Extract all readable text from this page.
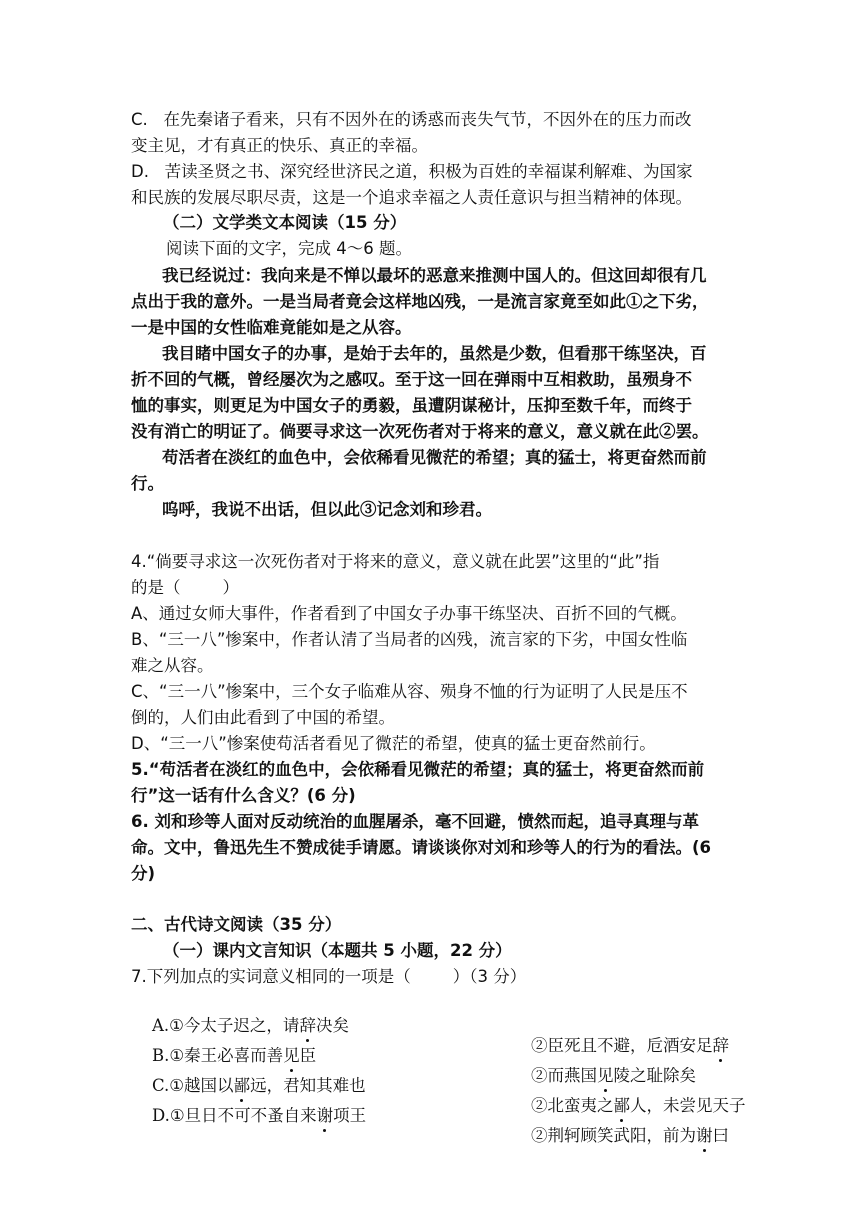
C.   在先秦诸子看来，只有不因外在的诱惑而丧失气节，不因外在的压力而改
变主见，才有真正的快乐、真正的幸福。
D.   苦读圣贤之书、深究经世济民之道，积极为百姓的幸福谋利解难、为国家
和民族的发展尽职尽责，这是一个追求幸福之人责任意识与担当精神的体现。
（二）文学类文本阅读（15 分）
阅读下面的文字，完成 4～6 题。
我已经说过：我向来是不惮以最坏的恶意来推测中国人的。但这回却很有几
点出于我的意外。一是当局者竟会这样地凶残，一是流言家竟至如此①之下劣，
一是中国的女性临难竟能如是之从容。
我目睹中国女子的办事，是始于去年的，虽然是少数，但看那干练坚决，百
折不回的气概，曾经屡次为之感叹。至于这一回在弹雨中互相救助，虽殒身不
恤的事实，则更足为中国女子的勇毅，虽遭阴谋秘计，压抑至数千年，而终于
没有消亡的明证了。倘要寻求这一次死伤者对于将来的意义，意义就在此②罢。
苟活者在淡红的血色中，会依稀看见微茫的希望；真的猛士，将更奋然而前
行。
呜呼，我说不出话，但以此③记念刘和珍君。
4.“倘要寻求这一次死伤者对于将来的意义，意义就在此罢”这里的“此”指
的是（        ）
A、通过女师大事件，作者看到了中国女子办事干练坚决、百折不回的气概。
B、“三一八”惨案中，作者认清了当局者的凶残，流言家的下劣，中国女性临
难之从容。
C、“三一八”惨案中，三个女子临难从容、殒身不恤的行为证明了人民是压不
倒的，人们由此看到了中国的希望。
D、“三一八”惨案使苟活者看见了微茫的希望，使真的猛士更奋然前行。
5.“苟活者在淡红的血色中，会依稀看见微茫的希望；真的猛士，将更奋然而前
行”这一话有什么含义？(6 分)
6. 刘和珍等人面对反动统治的血腥屠杀，毫不回避，愤然而起，追寻真理与革
命。文中，鲁迅先生不赞成徒手请愿。请谈谈你对刘和珍等人的行为的看法。(6
分)
二、古代诗文阅读（35 分）
（一）课内文言知识（本题共 5 小题，22 分）
7.下列加点的实词意义相同的一项是（        ）（3 分）

A.①今太子迟之，请辞决矣

②臣死且不避，卮酒安足辞

B.①秦王必喜而善见臣

②而燕国见陵之耻除矣

C.①越国以鄙远，君知其难也

②北蛮夷之鄙人，未尝见天子

D.①旦日不可不蚤自来谢项王

②荆轲顾笑武阳，前为谢曰
